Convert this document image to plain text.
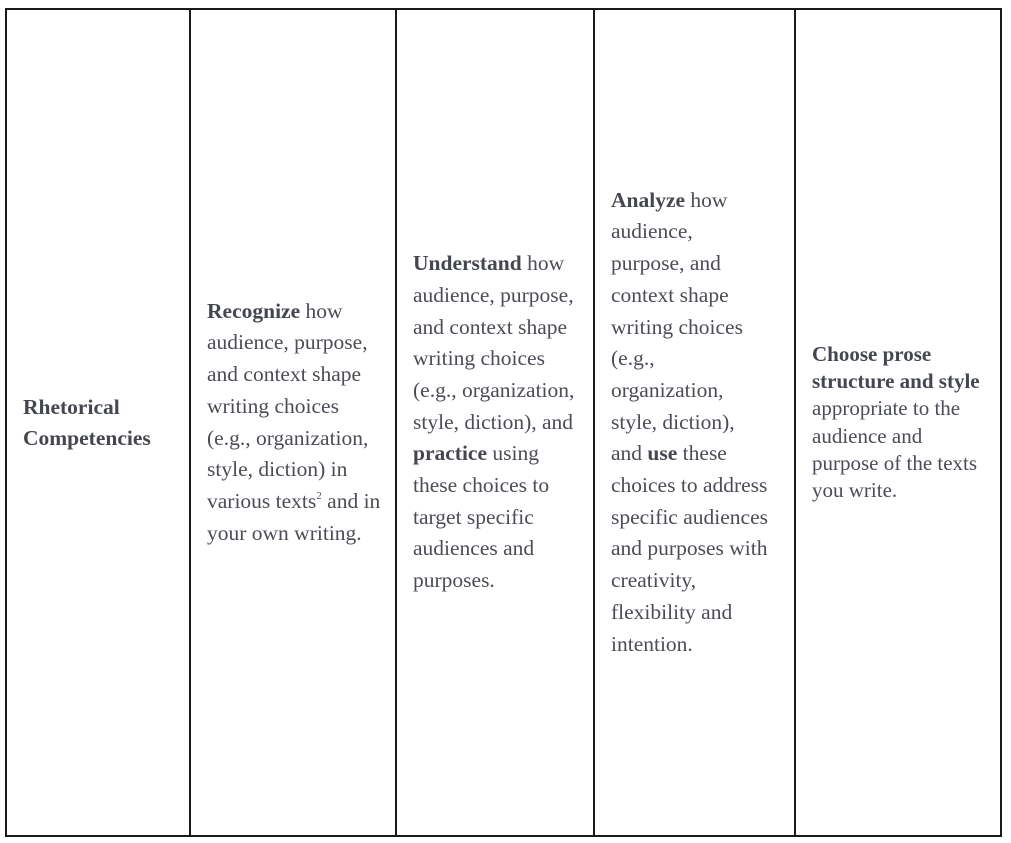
Rhetorical Competencies
Recognize how audience, purpose, and context shape writing choices (e.g., organization, style, diction) in various texts$^2$ and in your own writing.
Understand how audience, purpose, and context shape writing choices (e.g., organization, style, diction), and practice using these choices to target specific audiences and purposes.
Analyze how audience, purpose, and context shape writing choices (e.g., organization, style, diction), and use these choices to address specific audiences and purposes with creativity, flexibility and intention.
Choose prose structure and style appropriate to the audience and purpose of the texts you write.
